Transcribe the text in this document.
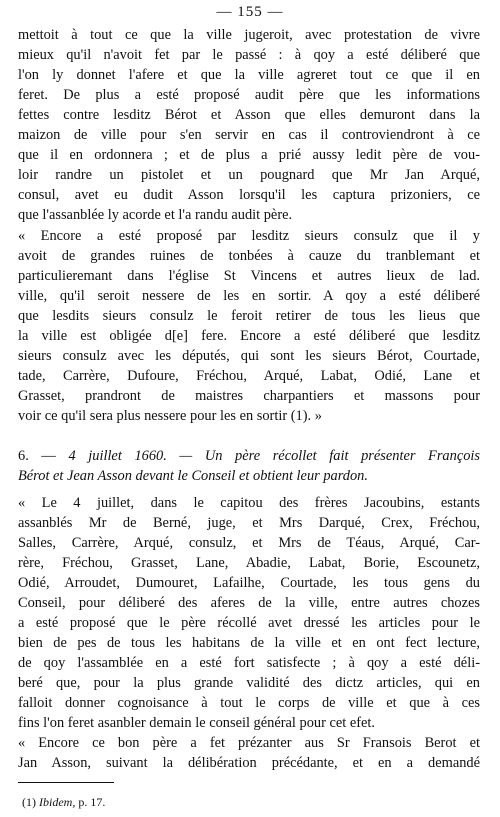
— 155 —
mettoit à tout ce que la ville jugeroit, avec protestation de vivre
mieux qu'il n'avoit fet par le passé : à qoy a esté déliberé que
l'on ly donnet l'afere et que la ville agreret tout ce que il en
feret. De plus a esté proposé audit père que les informations
fettes contre lesditz Bérot et Asson que elles demuront dans la
maizon de ville pour s'en servir en cas il controviendront à ce
que il en ordonnera ; et de plus a prié aussy ledit père de vou-
loir randre un pistolet et un pougnard que Mr Jan Arqué,
consul, avet eu dudit Asson lorsqu'il les captura prizoniers, ce
que l'assanblée ly acorde et l'a randu audit père.
« Encore a esté proposé par lesditz sieurs consulz que il y
avoit de grandes ruines de tonbées à cauze du tranblemant et
particulieremant dans l'église St Vincens et autres lieux de lad.
ville, qu'il seroit nessere de les en sortir. A qoy a esté déliberé
que lesdits sieurs consulz le feroit retirer de tous les lieus que
la ville est obligée d[e] fere. Encore a esté déliberé que lesditz
sieurs consulz avec les députés, qui sont les sieurs Bérot, Courtade,
tade, Carrère, Dufoure, Fréchou, Arqué, Labat, Odié, Lane et
Grasset, prandront de maistres charpantiers et massons pour
voir ce qu'il sera plus nessere pour les en sortir (1). »
6. — 4 juillet 1660. — Un père récollet fait présenter François
Bérot et Jean Asson devant le Conseil et obtient leur pardon.
« Le 4 juillet, dans le capitou des frères Jacoubins, estants
assanblés Mr de Berné, juge, et Mrs Darqué, Crex, Fréchou,
Salles, Carrère, Arqué, consulz, et Mrs de Téaus, Arqué, Car-
rère, Fréchou, Grasset, Lane, Abadie, Labat, Borie, Escounetz,
Odié, Arroudet, Dumouret, Lafailhe, Courtade, les tous gens du
Conseil, pour déliberé des aferes de la ville, entre autres chozes
a esté proposé que le père récollé avet dressé les articles pour le
bien de pes de tous les habitans de la ville et en ont fect lecture,
de qoy l'assamblée en a esté fort satisfecte ; à qoy a esté déli-
beré que, pour la plus grande validité des dictz articles, qui en
falloit donner cognoisance à tout le corps de ville et que à ces
fins l'on feret asanbler demain le conseil général pour cet efet.
« Encore ce bon père a fet prézanter aus Sr Fransois Berot et
Jan Asson, suivant la délibération précédante, et en a demandé
(1) Ibidem, p. 17.
